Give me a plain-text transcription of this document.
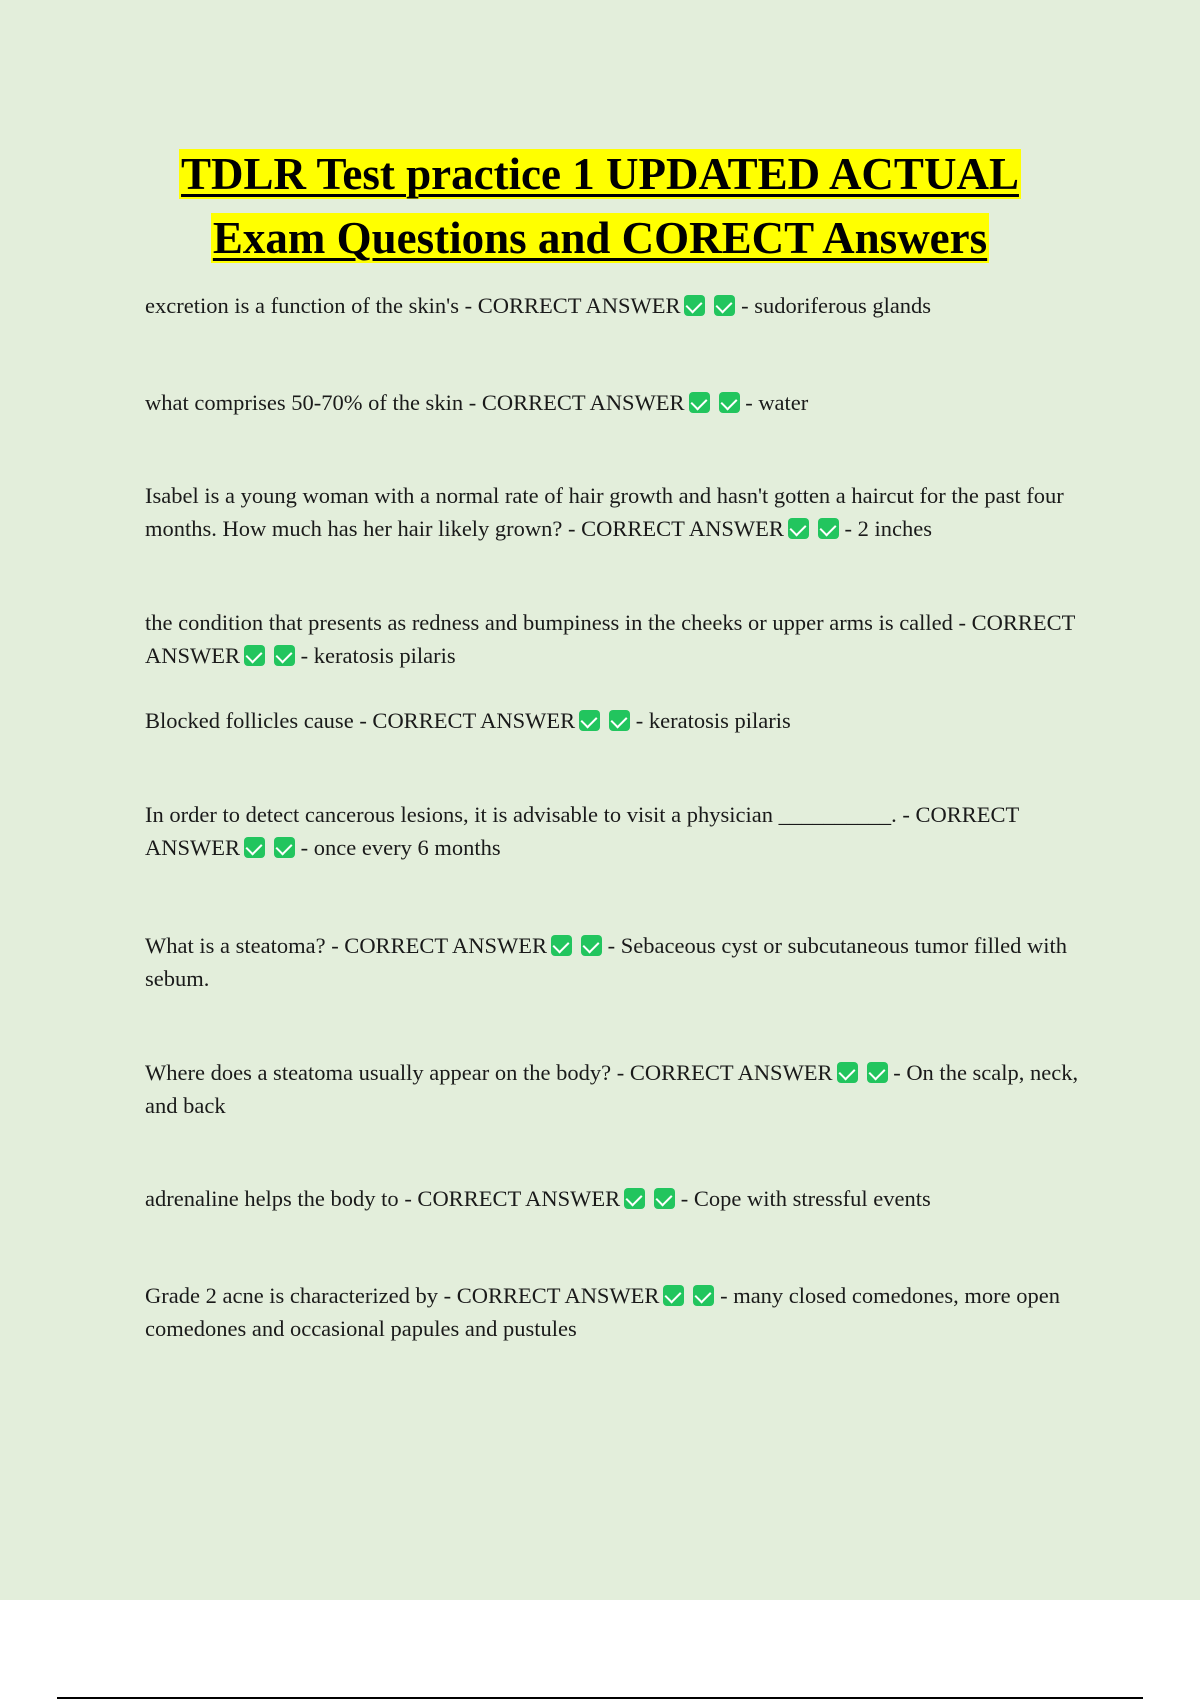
TDLR Test practice 1 UPDATED ACTUAL
Exam Questions and CORECT Answers
excretion is a function of the skin's - CORRECT ANSWER - sudoriferous glands
what comprises 50-70% of the skin - CORRECT ANSWER - water
Isabel is a young woman with a normal rate of hair growth and hasn't gotten a haircut for the past four months. How much has her hair likely grown? - CORRECT ANSWER - 2 inches
the condition that presents as redness and bumpiness in the cheeks or upper arms is called - CORRECT ANSWER - keratosis pilaris
Blocked follicles cause - CORRECT ANSWER - keratosis pilaris
In order to detect cancerous lesions, it is advisable to visit a physician __________. - CORRECT ANSWER - once every 6 months
What is a steatoma? - CORRECT ANSWER - Sebaceous cyst or subcutaneous tumor filled with sebum.
Where does a steatoma usually appear on the body? - CORRECT ANSWER - On the scalp, neck, and back
adrenaline helps the body to - CORRECT ANSWER - Cope with stressful events
Grade 2 acne is characterized by - CORRECT ANSWER - many closed comedones, more open comedones and occasional papules and pustules
